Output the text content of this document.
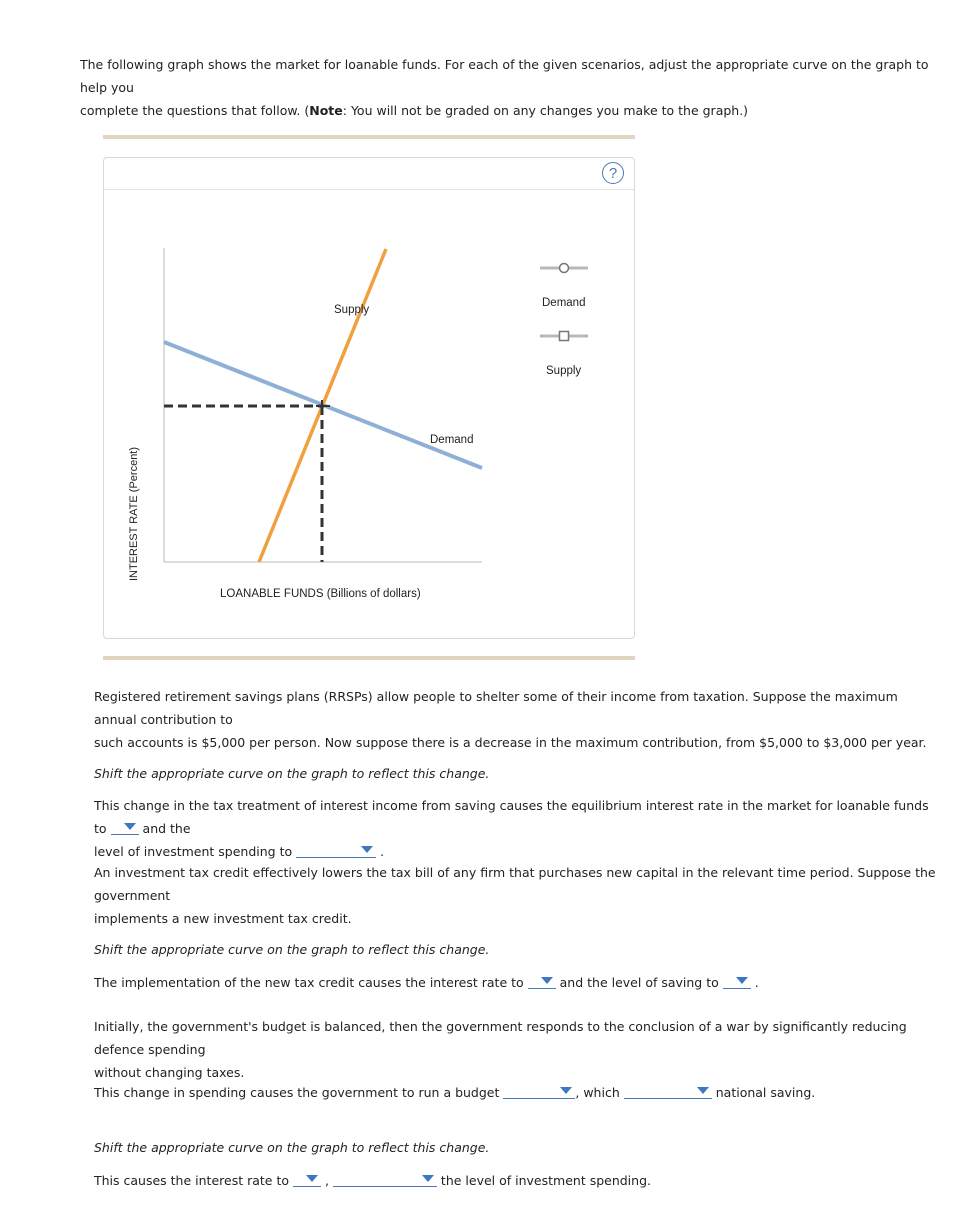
The following graph shows the market for loanable funds. For each of the given scenarios, adjust the appropriate curve on the graph to help you
complete the questions that follow. (Note: You will not be graded on any changes you make to the graph.)
?
INTEREST RATE (Percent)
Supply
Demand
Demand
Supply
LOANABLE FUNDS (Billions of dollars)
Registered retirement savings plans (RRSPs) allow people to shelter some of their income from taxation. Suppose the maximum annual contribution to
such accounts is $5,000 per person. Now suppose there is a decrease in the maximum contribution, from $5,000 to $3,000 per year.
Shift the appropriate curve on the graph to reflect this change.
This change in the tax treatment of interest income from saving causes the equilibrium interest rate in the market for loanable funds to	and the
level of investment spending to	.
An investment tax credit effectively lowers the tax bill of any firm that purchases new capital in the relevant time period. Suppose the government
implements a new investment tax credit.
Shift the appropriate curve on the graph to reflect this change.
The implementation of the new tax credit causes the interest rate to	and the level of saving to	.
Initially, the government's budget is balanced, then the government responds to the conclusion of a war by significantly reducing defence spending
without changing taxes.
This change in spending causes the government to run a budget	, which	national saving.
Shift the appropriate curve on the graph to reflect this change.
This causes the interest rate to	,	the level of investment spending.
